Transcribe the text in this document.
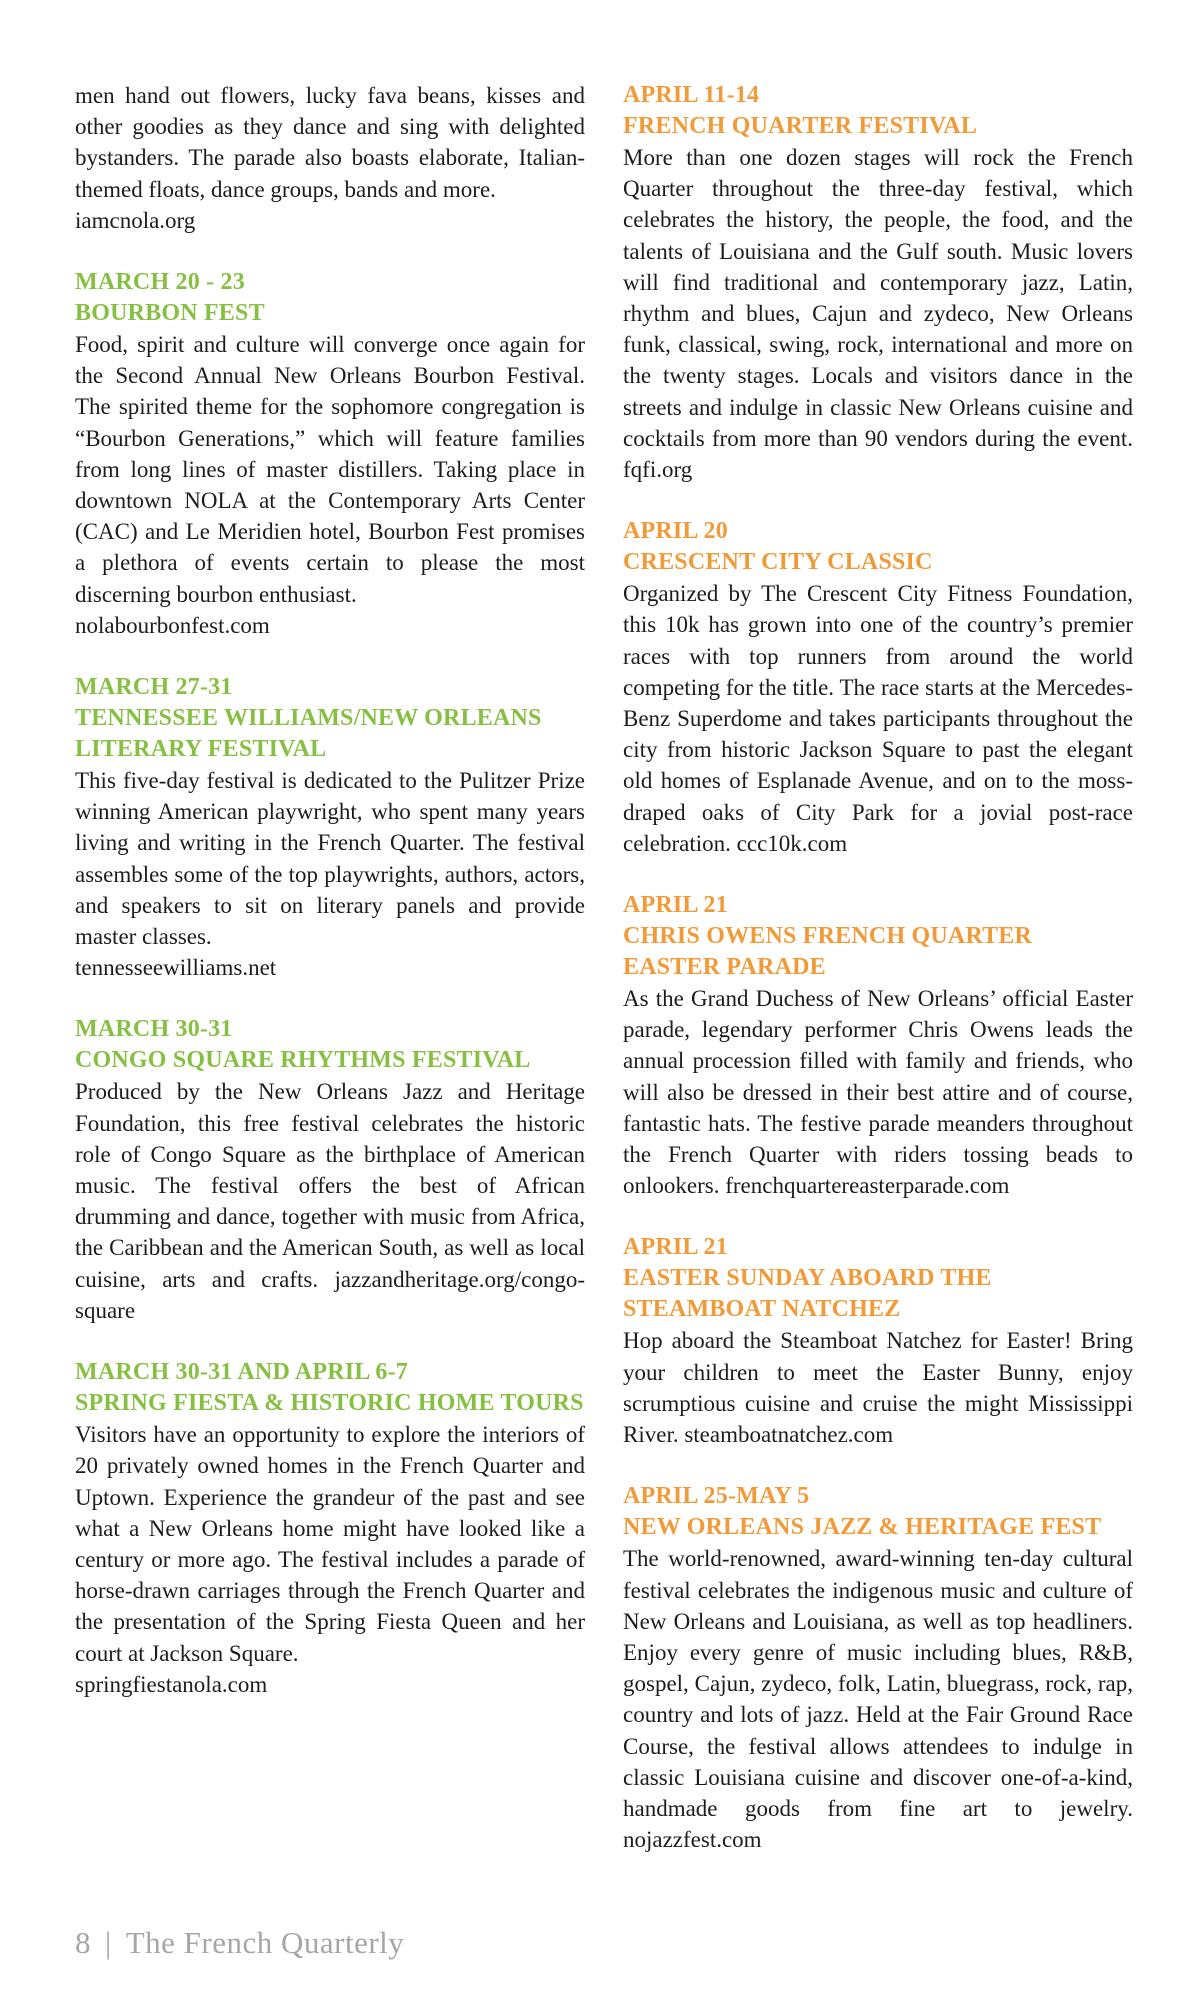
men hand out flowers, lucky fava beans, kisses and other goodies as they dance and sing with delighted bystanders. The parade also boasts elaborate, Italian-themed floats, dance groups, bands and more.

iamcnola.org
MARCH 20 - 23
BOURBON FEST

Food, spirit and culture will converge once again for the Second Annual New Orleans Bourbon Festival. The spirited theme for the sophomore congregation is “Bourbon Generations,” which will feature families from long lines of master distillers. Taking place in downtown NOLA at the Contemporary Arts Center (CAC) and Le Meridien hotel, Bourbon Fest promises a plethora of events certain to please the most discerning bourbon enthusiast.

nolabourbonfest.com
MARCH 27-31
TENNESSEE WILLIAMS/NEW ORLEANS LITERARY FESTIVAL

This five-day festival is dedicated to the Pulitzer Prize winning American playwright, who spent many years living and writing in the French Quarter. The festival assembles some of the top playwrights, authors, actors, and speakers to sit on literary panels and provide master classes.

tennesseewilliams.net
MARCH 30-31
CONGO SQUARE RHYTHMS FESTIVAL

Produced by the New Orleans Jazz and Heritage Foundation, this free festival celebrates the historic role of Congo Square as the birthplace of American music. The festival offers the best of African drumming and dance, together with music from Africa, the Caribbean and the American South, as well as local cuisine, arts and crafts. jazzandheritage.org/congo-square

MARCH 30-31 AND APRIL 6-7
SPRING FIESTA & HISTORIC HOME TOURS

Visitors have an opportunity to explore the interiors of 20 privately owned homes in the French Quarter and Uptown. Experience the grandeur of the past and see what a New Orleans home might have looked like a century or more ago. The festival includes a parade of horse-drawn carriages through the French Quarter and the presentation of the Spring Fiesta Queen and her court at Jackson Square.

springfiestanola.com
APRIL 11-14
FRENCH QUARTER FESTIVAL

More than one dozen stages will rock the French Quarter throughout the three-day festival, which celebrates the history, the people, the food, and the talents of Louisiana and the Gulf south. Music lovers will find traditional and contemporary jazz, Latin, rhythm and blues, Cajun and zydeco, New Orleans funk, classical, swing, rock, international and more on the twenty stages. Locals and visitors dance in the streets and indulge in classic New Orleans cuisine and cocktails from more than 90 vendors during the event. fqfi.org

APRIL 20
CRESCENT CITY CLASSIC

Organized by The Crescent City Fitness Foundation, this 10k has grown into one of the country’s premier races with top runners from around the world competing for the title. The race starts at the Mercedes-Benz Superdome and takes participants throughout the city from historic Jackson Square to past the elegant old homes of Esplanade Avenue, and on to the moss-draped oaks of City Park for a jovial post-race celebration. ccc10k.com

APRIL 21
CHRIS OWENS FRENCH QUARTER EASTER PARADE

As the Grand Duchess of New Orleans’ official Easter parade, legendary performer Chris Owens leads the annual procession filled with family and friends, who will also be dressed in their best attire and of course, fantastic hats. The festive parade meanders throughout the French Quarter with riders tossing beads to onlookers. frenchquartereasterparade.com

APRIL 21
EASTER SUNDAY ABOARD THE STEAMBOAT NATCHEZ

Hop aboard the Steamboat Natchez for Easter! Bring your children to meet the Easter Bunny, enjoy scrumptious cuisine and cruise the might Mississippi River. steamboatnatchez.com

APRIL 25-MAY 5
NEW ORLEANS JAZZ & HERITAGE FEST

The world-renowned, award-winning ten-day cultural festival celebrates the indigenous music and culture of New Orleans and Louisiana, as well as top headliners. Enjoy every genre of music including blues, R&B, gospel, Cajun, zydeco, folk, Latin, bluegrass, rock, rap, country and lots of jazz. Held at the Fair Ground Race Course, the festival allows attendees to indulge in classic Louisiana cuisine and discover one-of-a-kind, handmade goods from fine art to jewelry. nojazzfest.com

8 | The French Quarterly
